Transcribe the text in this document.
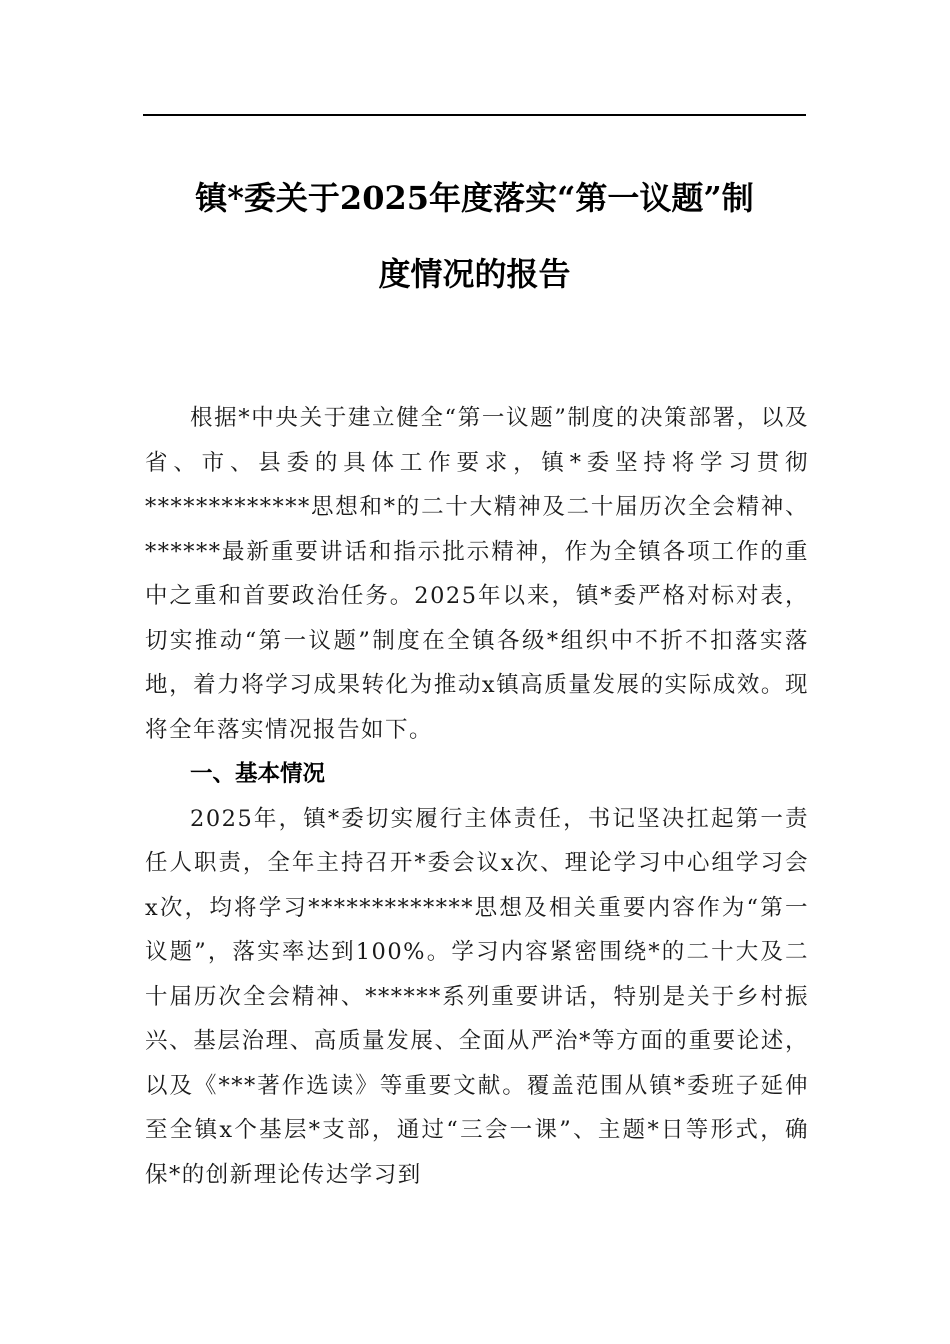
镇*委关于2025年度落实“第一议题”制
度情况的报告

根据*中央关于建立健全“第一议题”制度的决策部署，以及省、市、县委的具体工作要求，镇*委坚持将学习贯彻*************思想和*的二十大精神及二十届历次全会精神、******最新重要讲话和指示批示精神，作为全镇各项工作的重中之重和首要政治任务。2025年以来，镇*委严格对标对表，切实推动“第一议题”制度在全镇各级*组织中不折不扣落实落地，着力将学习成果转化为推动x镇高质量发展的实际成效。现将全年落实情况报告如下。

一、基本情况

2025年，镇*委切实履行主体责任，书记坚决扛起第一责任人职责，全年主持召开*委会议x次、理论学习中心组学习会x次，均将学习*************思想及相关重要内容作为“第一议题”，落实率达到100%。学习内容紧密围绕*的二十大及二十届历次全会精神、******系列重要讲话，特别是关于乡村振兴、基层治理、高质量发展、全面从严治*等方面的重要论述，以及《***著作选读》等重要文献。覆盖范围从镇*委班子延伸至全镇x个基层*支部，通过“三会一课”、主题*日等形式，确保*的创新理论传达学习到
